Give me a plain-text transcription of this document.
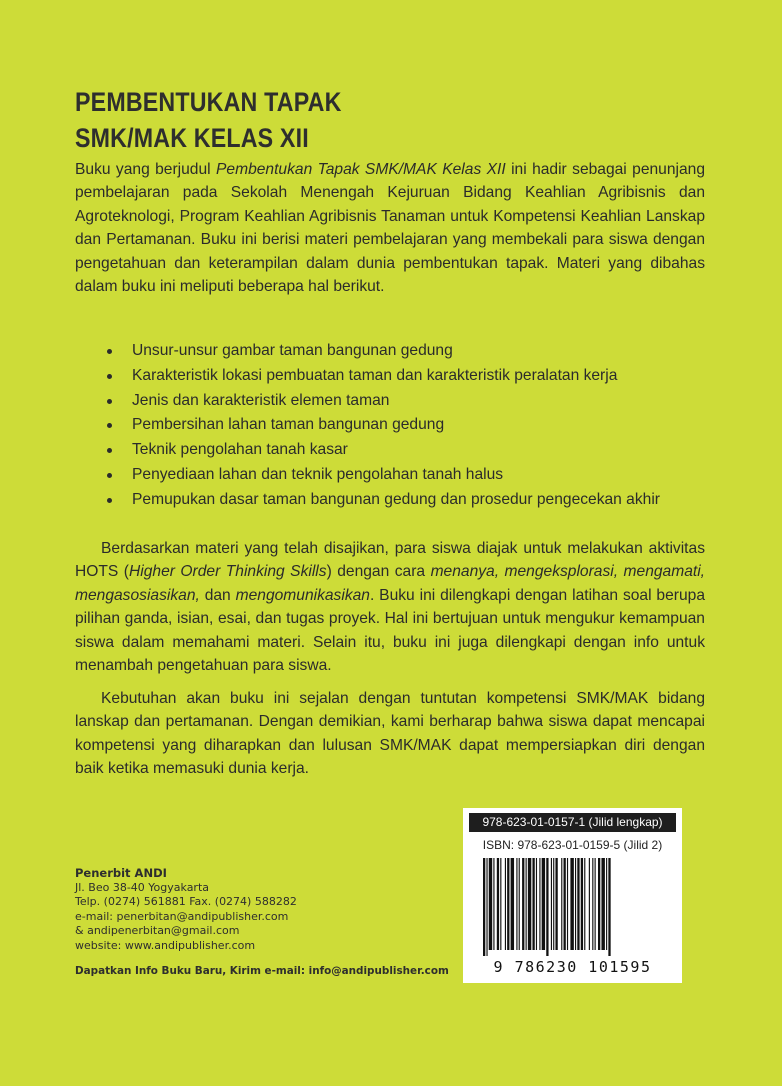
PEMBENTUKAN TAPAK
SMK/MAK KELAS XII
Buku yang berjudul Pembentukan Tapak SMK/MAK Kelas XII ini hadir sebagai penunjang pembelajaran pada Sekolah Menengah Kejuruan Bidang Keahlian Agribisnis dan Agroteknologi, Program Keahlian Agribisnis Tanaman untuk Kompetensi Keahlian Lanskap dan Pertamanan. Buku ini berisi materi pembelajaran yang membekali para siswa dengan pengetahuan dan keterampilan dalam dunia pembentukan tapak. Materi yang dibahas dalam buku ini meliputi beberapa hal berikut.
Unsur-unsur gambar taman bangunan gedung
Karakteristik lokasi pembuatan taman dan karakteristik peralatan kerja
Jenis dan karakteristik elemen taman
Pembersihan lahan taman bangunan gedung
Teknik pengolahan tanah kasar
Penyediaan lahan dan teknik pengolahan tanah halus
Pemupukan dasar taman bangunan gedung dan prosedur pengecekan akhir
Berdasarkan materi yang telah disajikan, para siswa diajak untuk melakukan aktivitas HOTS (Higher Order Thinking Skills) dengan cara menanya, mengeksplorasi, mengamati, mengasosiasikan, dan mengomunikasikan. Buku ini dilengkapi dengan latihan soal berupa pilihan ganda, isian, esai, dan tugas proyek. Hal ini bertujuan untuk mengukur kemampuan siswa dalam memahami materi. Selain itu, buku ini juga dilengkapi dengan info untuk menambah pengetahuan para siswa.
Kebutuhan akan buku ini sejalan dengan tuntutan kompetensi SMK/MAK bidang lanskap dan pertamanan. Dengan demikian, kami berharap bahwa siswa dapat mencapai kompetensi yang diharapkan dan lulusan SMK/MAK dapat mempersiapkan diri dengan baik ketika memasuki dunia kerja.
Penerbit ANDI
Jl. Beo 38-40 Yogyakarta
Telp. (0274) 561881 Fax. (0274) 588282
e-mail: penerbitan@andipublisher.com
& andipenerbitan@gmail.com
website: www.andipublisher.com
Dapatkan Info Buku Baru, Kirim e-mail: info@andipublisher.com
978-623-01-0157-1 (Jilid lengkap)
ISBN: 978-623-01-0159-5 (Jilid 2)
9 786230 101595
